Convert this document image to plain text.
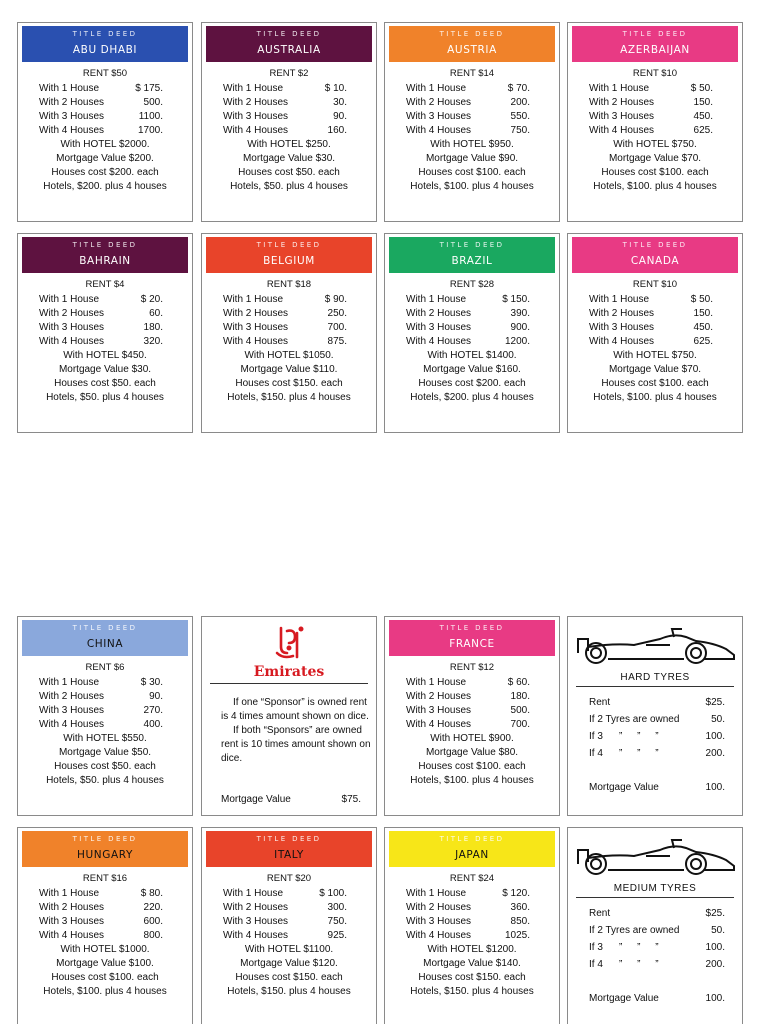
TITLE DEED
ABU DHABI
RENT $50
With 1 House	$ 175.
With 2 Houses	500.
With 3 Houses	1100.
With 4 Houses	1700.
With HOTEL $2000.
Mortgage Value $200.
Houses cost $200. each
Hotels, $200. plus 4 houses
TITLE DEED
AUSTRALIA
RENT $2
With 1 House	$ 10.
With 2 Houses	30.
With 3 Houses	90.
With 4 Houses	160.
With HOTEL $250.
Mortgage Value $30.
Houses cost $50. each
Hotels, $50. plus 4 houses
TITLE DEED
AUSTRIA
RENT $14
With 1 House	$ 70.
With 2 Houses	200.
With 3 Houses	550.
With 4 Houses	750.
With HOTEL $950.
Mortgage Value $90.
Houses cost $100. each
Hotels, $100. plus 4 houses
TITLE DEED
AZERBAIJAN
RENT $10
With 1 House	$ 50.
With 2 Houses	150.
With 3 Houses	450.
With 4 Houses	625.
With HOTEL $750.
Mortgage Value $70.
Houses cost $100. each
Hotels, $100. plus 4 houses
TITLE DEED
BAHRAIN
RENT $4
With 1 House	$ 20.
With 2 Houses	60.
With 3 Houses	180.
With 4 Houses	320.
With HOTEL $450.
Mortgage Value $30.
Houses cost $50. each
Hotels, $50. plus 4 houses
TITLE DEED
BELGIUM
RENT $18
With 1 House	$ 90.
With 2 Houses	250.
With 3 Houses	700.
With 4 Houses	875.
With HOTEL $1050.
Mortgage Value $110.
Houses cost $150. each
Hotels, $150. plus 4 houses
TITLE DEED
BRAZIL
RENT $28
With 1 House	$ 150.
With 2 Houses	390.
With 3 Houses	900.
With 4 Houses	1200.
With HOTEL $1400.
Mortgage Value $160.
Houses cost $200. each
Hotels, $200. plus 4 houses
TITLE DEED
CANADA
RENT $10
With 1 House	$ 50.
With 2 Houses	150.
With 3 Houses	450.
With 4 Houses	625.
With HOTEL $750.
Mortgage Value $70.
Houses cost $100. each
Hotels, $100. plus 4 houses
TITLE DEED
CHINA
RENT $6
With 1 House	$ 30.
With 2 Houses	90.
With 3 Houses	270.
With 4 Houses	400.
With HOTEL $550.
Mortgage Value $50.
Houses cost $50. each
Hotels, $50. plus 4 houses
Emirates
If one “Sponsor” is owned rent is 4 times amount shown on dice.
If both “Sponsors” are owned rent is 10 times amount shown on dice.
Mortgage Value	$75.
TITLE DEED
FRANCE
RENT $12
With 1 House	$ 60.
With 2 Houses	180.
With 3 Houses	500.
With 4 Houses	700.
With HOTEL $900.
Mortgage Value $80.
Houses cost $100. each
Hotels, $100. plus 4 houses
HARD TYRES
Rent	$25.
If 2 Tyres are owned	50.
If 3	” ” ”	100.
If 4	” ” ”	200.
Mortgage Value	100.
TITLE DEED
HUNGARY
RENT $16
With 1 House	$ 80.
With 2 Houses	220.
With 3 Houses	600.
With 4 Houses	800.
With HOTEL $1000.
Mortgage Value $100.
Houses cost $100. each
Hotels, $100. plus 4 houses
TITLE DEED
ITALY
RENT $20
With 1 House	$ 100.
With 2 Houses	300.
With 3 Houses	750.
With 4 Houses	925.
With HOTEL $1100.
Mortgage Value $120.
Houses cost $150. each
Hotels, $150. plus 4 houses
TITLE DEED
JAPAN
RENT $24
With 1 House	$ 120.
With 2 Houses	360.
With 3 Houses	850.
With 4 Houses	1025.
With HOTEL $1200.
Mortgage Value $140.
Houses cost $150. each
Hotels, $150. plus 4 houses
MEDIUM TYRES
Rent	$25.
If 2 Tyres are owned	50.
If 3	” ” ”	100.
If 4	” ” ”	200.
Mortgage Value	100.
